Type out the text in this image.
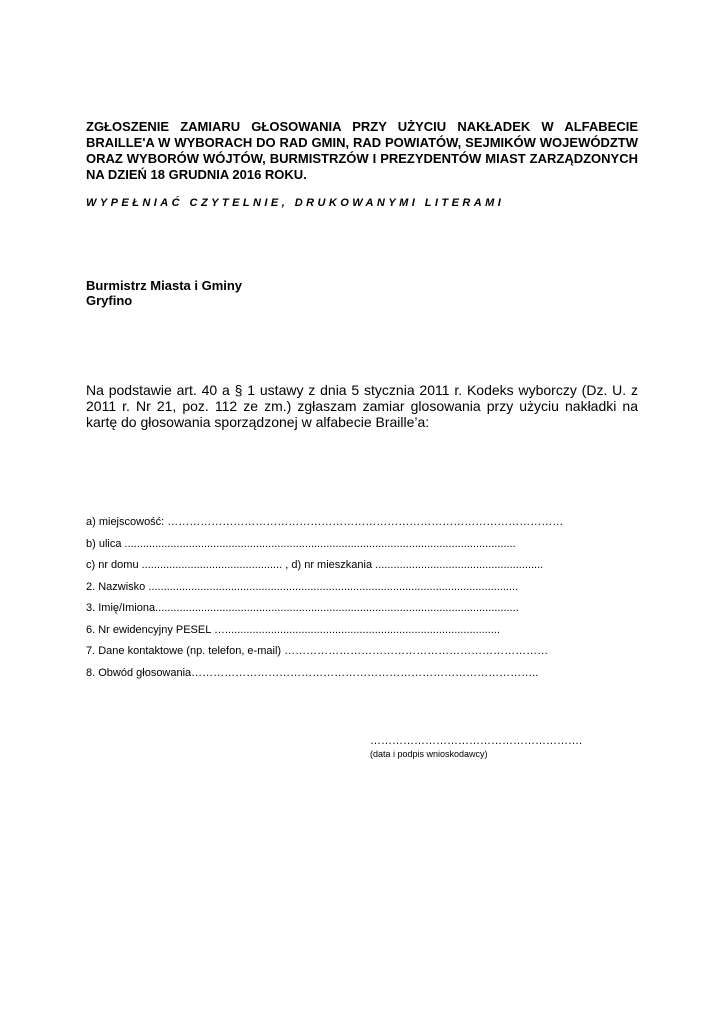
ZGŁOSZENIE ZAMIARU GŁOSOWANIA PRZY UŻYCIU NAKŁADEK W ALFABECIE BRAILLE'A W WYBORACH DO RAD GMIN, RAD POWIATÓW, SEJMIKÓW WOJEWÓDZTW ORAZ WYBORÓW WÓJTÓW, BURMISTRZÓW I PREZYDENTÓW MIAST ZARZĄDZONYCH NA DZIEŃ 18 GRUDNIA 2016 ROKU.

WYPEŁNIAĆ CZYTELNIE, DRUKOWANYMI LITERAMI

Burmistrz Miasta i Gminy
Gryfino

Na podstawie art. 40 a § 1 ustawy z dnia 5 stycznia 2011 r. Kodeks wyborczy (Dz. U. z 2011 r. Nr 21, poz. 112 ze zm.) zgłaszam zamiar glosowania przy użyciu nakładki na kartę do głosowania sporządzonej w alfabecie Braille’a:

a) miejscowość: ………………………………………………………………………………………………
b) ulica ................................................................................................................................
c) nr domu .............................................. , d) nr mieszkania .......................................................
2. Nazwisko .........................................................................................................................
3. Imię/Imiona.......................................................................................................................
6. Nr ewidencyjny PESEL …..........................................................................................
7. Dane kontaktowe (np. telefon, e-mail) ………………………………………………………………
8. Obwód głosowania…………………………………………………………………………………..
………………………………………………….
(data i podpis wnioskodawcy)
